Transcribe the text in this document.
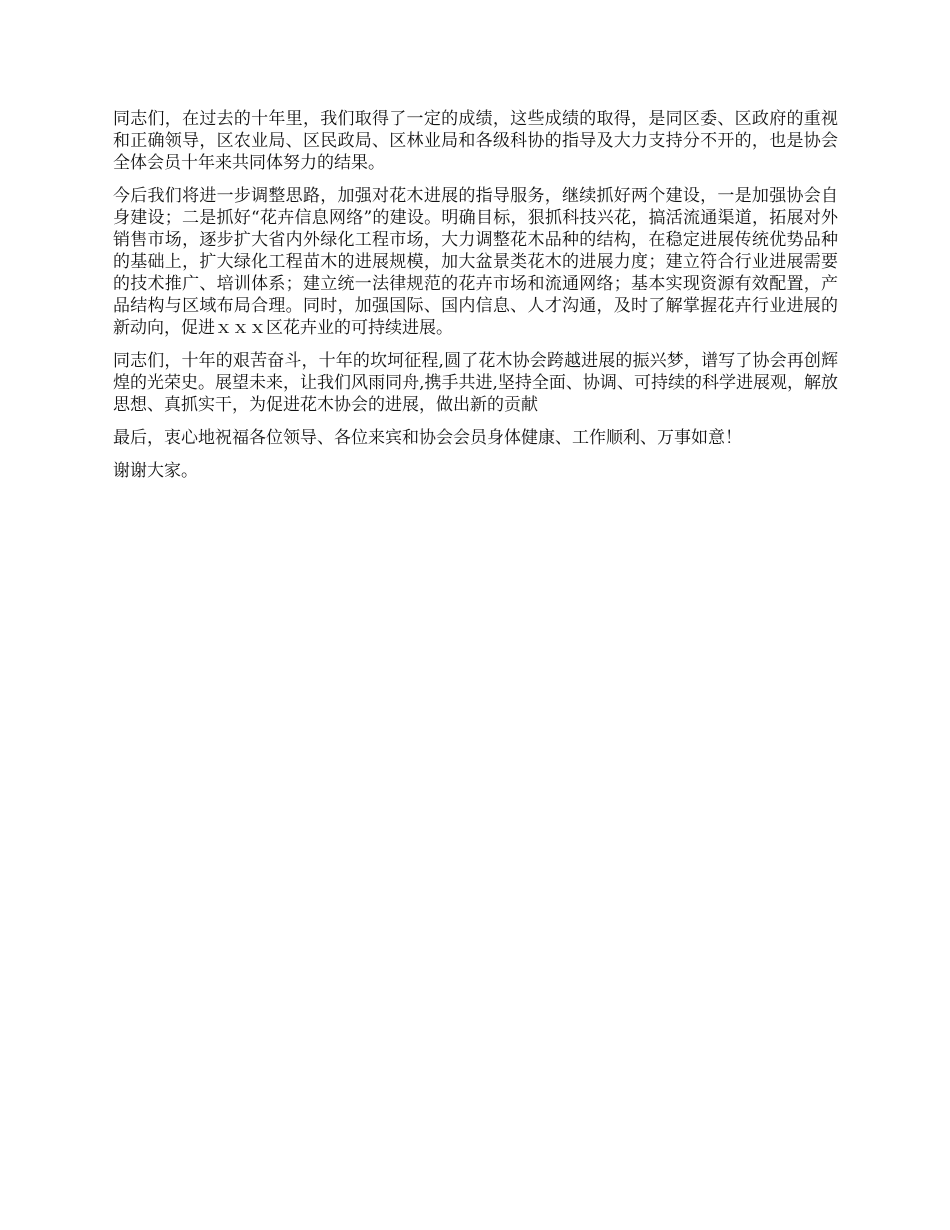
同志们，在过去的十年里，我们取得了一定的成绩，这些成绩的取得，是同区委、区政府的重视和正确领导，区农业局、区民政局、区林业局和各级科协的指导及大力支持分不开的，也是协会全体会员十年来共同体努力的结果。

今后我们将进一步调整思路，加强对花木进展的指导服务，继续抓好两个建设，一是加强协会自身建设；二是抓好“花卉信息网络”的建设。明确目标，狠抓科技兴花，搞活流通渠道，拓展对外销售市场，逐步扩大省内外绿化工程市场，大力调整花木品种的结构，在稳定进展传统优势品种的基础上，扩大绿化工程苗木的进展规模，加大盆景类花木的进展力度；建立符合行业进展需要的技术推广、培训体系；建立统一法律规范的花卉市场和流通网络；基本实现资源有效配置，产品结构与区域布局合理。同时，加强国际、国内信息、人才沟通，及时了解掌握花卉行业进展的新动向，促进ｘｘｘ区花卉业的可持续进展。

同志们，十年的艰苦奋斗，十年的坎坷征程,圆了花木协会跨越进展的振兴梦，谱写了协会再创辉煌的光荣史。展望未来，让我们风雨同舟,携手共进,坚持全面、协调、可持续的科学进展观，解放思想、真抓实干，为促进花木协会的进展，做出新的贡献

最后，衷心地祝福各位领导、各位来宾和协会会员身体健康、工作顺利、万事如意！

谢谢大家。
